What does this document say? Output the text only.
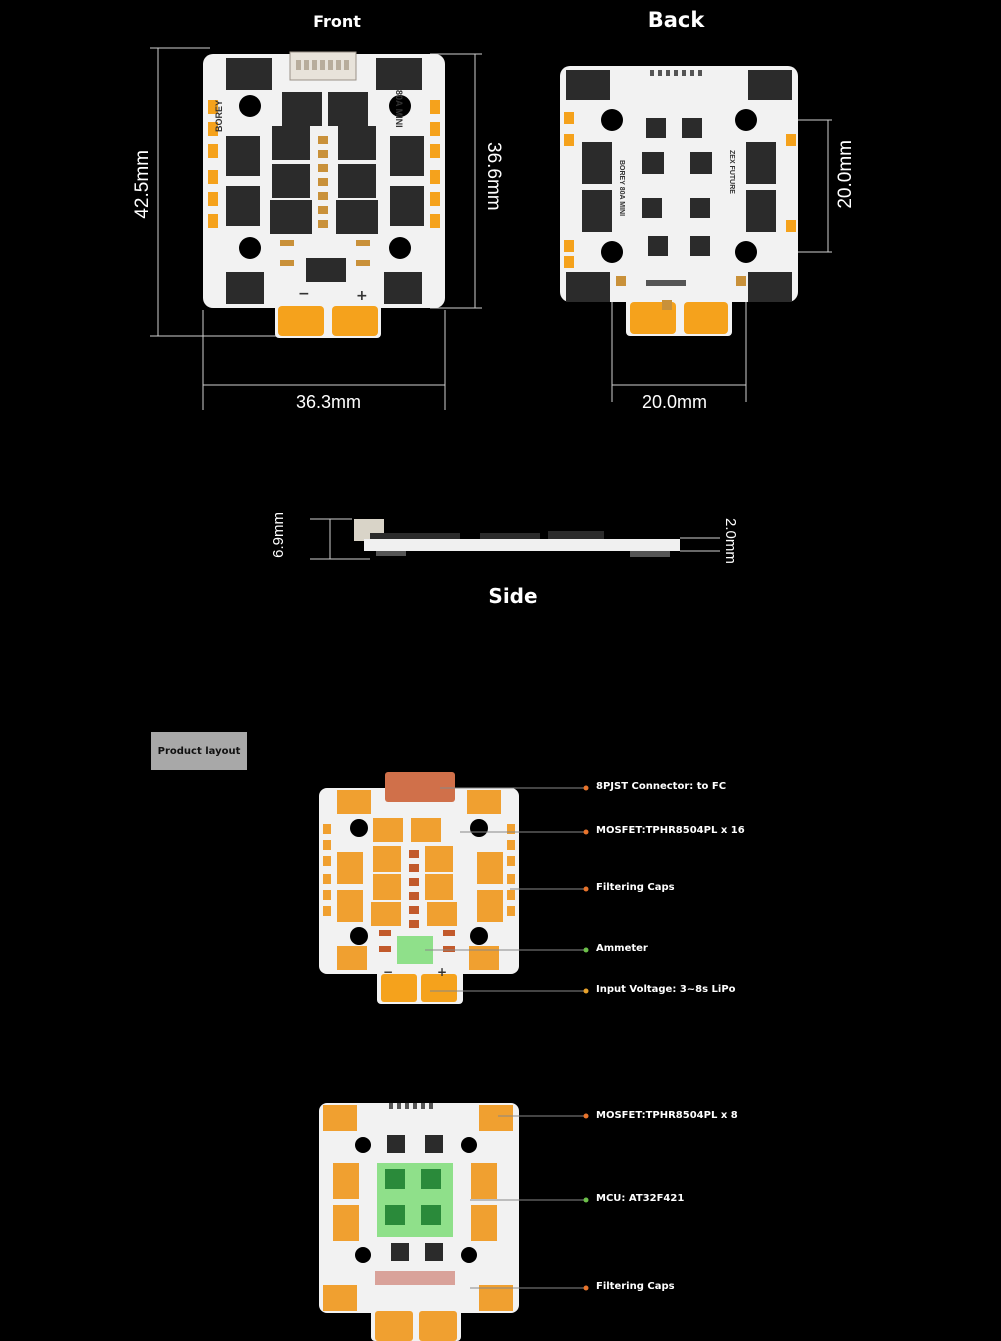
Front	Back
−	+
42.5mm	36.6mm
36.3mm
BOREY	80A MINI
20.0mm
20.0mm
BOREY 80A MINI	ZEX FUTURE
6.9mm	2.0mm
Side
Product layout
−	+
8PJST Connector: to FC
MOSFET:TPHR8504PL x 16
Filtering Caps
Ammeter
Input Voltage: 3~8s LiPo
MOSFET:TPHR8504PL x 8
MCU: AT32F421
Filtering Caps
